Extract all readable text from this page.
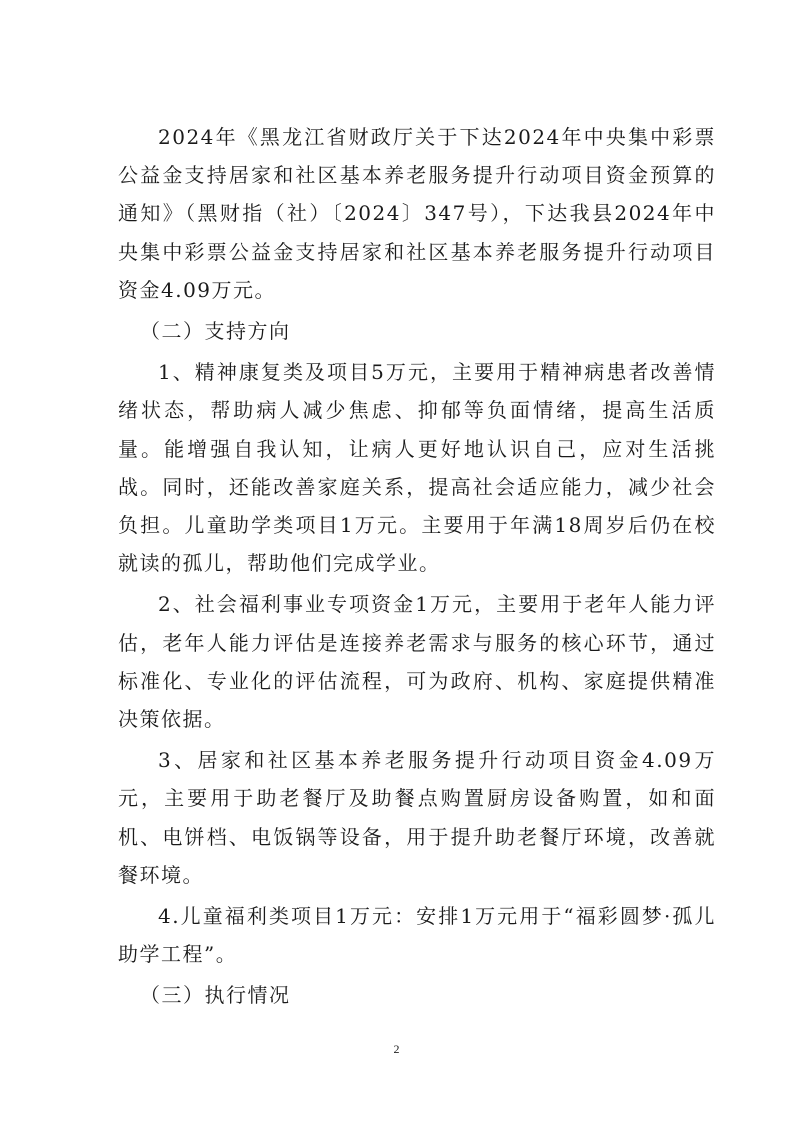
2024年《黑龙江省财政厅关于下达2024年中央集中彩票公益金支持居家和社区基本养老服务提升行动项目资金预算的通知》（黑财指（社）〔2024〕347号），下达我县2024年中央集中彩票公益金支持居家和社区基本养老服务提升行动项目资金4.09万元。

（二）支持方向

1、精神康复类及项目5万元，主要用于精神病患者改善情绪状态，帮助病人减少焦虑、抑郁等负面情绪，提高生活质量。能增强自我认知，让病人更好地认识自己，应对生活挑战。同时，还能改善家庭关系，提高社会适应能力，减少社会负担。儿童助学类项目1万元。主要用于年满18周岁后仍在校就读的孤儿，帮助他们完成学业。

2、社会福利事业专项资金1万元，主要用于老年人能力评估，老年人能力评估是连接养老需求与服务的核心环节，通过标准化、专业化的评估流程，可为政府、机构、家庭提供精准决策依据。

3、居家和社区基本养老服务提升行动项目资金4.09万元，主要用于助老餐厅及助餐点购置厨房设备购置，如和面机、电饼档、电饭锅等设备，用于提升助老餐厅环境，改善就餐环境。

4.儿童福利类项目1万元：安排1万元用于“福彩圆梦·孤儿助学工程”。

（三）执行情况

2
